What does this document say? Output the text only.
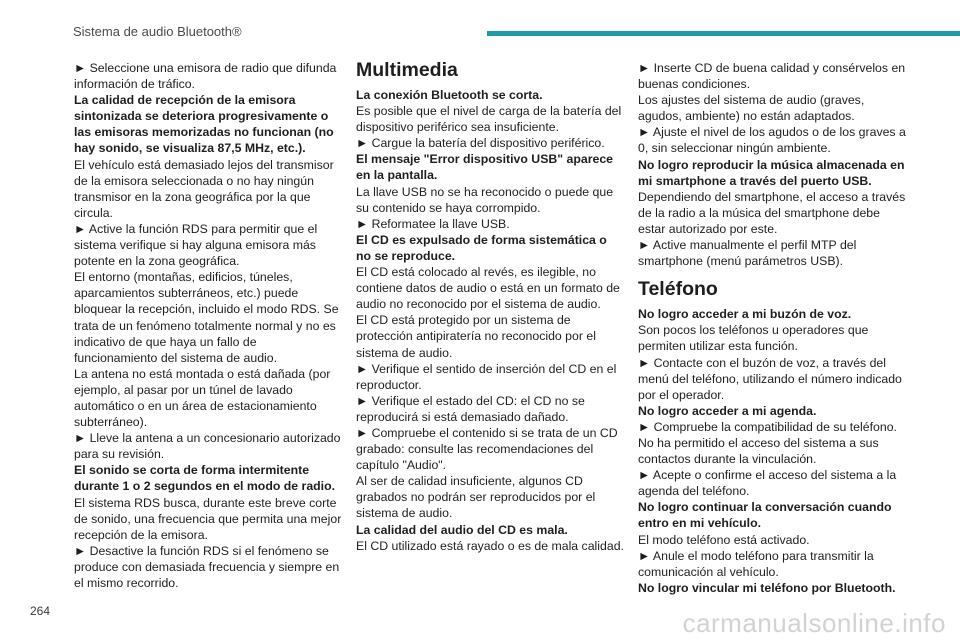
Sistema de audio Bluetooth®

► Seleccione una emisora de radio que difunda información de tráfico.

La calidad de recepción de la emisora sintonizada se deteriora progresivamente o las emisoras memorizadas no funcionan (no hay sonido, se visualiza 87,5 MHz, etc.).

El vehículo está demasiado lejos del transmisor de la emisora seleccionada o no hay ningún transmisor en la zona geográfica por la que circula.

► Active la función RDS para permitir que el sistema verifique si hay alguna emisora más potente en la zona geográfica.

El entorno (montañas, edificios, túneles, aparcamientos subterráneos, etc.) puede bloquear la recepción, incluido el modo RDS. Se trata de un fenómeno totalmente normal y no es indicativo de que haya un fallo de funcionamiento del sistema de audio.

La antena no está montada o está dañada (por ejemplo, al pasar por un túnel de lavado automático o en un área de estacionamiento subterráneo).

► Lleve la antena a un concesionario autorizado para su revisión.

El sonido se corta de forma intermitente durante 1 o 2 segundos en el modo de radio.

El sistema RDS busca, durante este breve corte de sonido, una frecuencia que permita una mejor recepción de la emisora.

► Desactive la función RDS si el fenómeno se produce con demasiada frecuencia y siempre en el mismo recorrido.

Multimedia

La conexión Bluetooth se corta.

Es posible que el nivel de carga de la batería del dispositivo periférico sea insuficiente.

► Cargue la batería del dispositivo periférico.

El mensaje "Error dispositivo USB" aparece en la pantalla.

La llave USB no se ha reconocido o puede que su contenido se haya corrompido.

► Reformatee la llave USB.

El CD es expulsado de forma sistemática o no se reproduce.

El CD está colocado al revés, es ilegible, no contiene datos de audio o está en un formato de audio no reconocido por el sistema de audio.

El CD está protegido por un sistema de protección antipiratería no reconocido por el sistema de audio.

► Verifique el sentido de inserción del CD en el reproductor.

► Verifique el estado del CD: el CD no se reproducirá si está demasiado dañado.

► Compruebe el contenido si se trata de un CD grabado: consulte las recomendaciones del capítulo "Audio".

Al ser de calidad insuficiente, algunos CD grabados no podrán ser reproducidos por el sistema de audio.

La calidad del audio del CD es mala.

El CD utilizado está rayado o es de mala calidad.

► Inserte CD de buena calidad y consérvelos en buenas condiciones.

Los ajustes del sistema de audio (graves, agudos, ambiente) no están adaptados.

► Ajuste el nivel de los agudos o de los graves a 0, sin seleccionar ningún ambiente.

No logro reproducir la música almacenada en mi smartphone a través del puerto USB.

Dependiendo del smartphone, el acceso a través de la radio a la música del smartphone debe estar autorizado por este.

► Active manualmente el perfil MTP del smartphone (menú parámetros USB).

Teléfono

No logro acceder a mi buzón de voz.

Son pocos los teléfonos u operadores que permiten utilizar esta función.

► Contacte con el buzón de voz, a través del menú del teléfono, utilizando el número indicado por el operador.

No logro acceder a mi agenda.

► Compruebe la compatibilidad de su teléfono.

No ha permitido el acceso del sistema a sus contactos durante la vinculación.

► Acepte o confirme el acceso del sistema a la agenda del teléfono.

No logro continuar la conversación cuando entro en mi vehículo.

El modo teléfono está activado.

► Anule el modo teléfono para transmitir la comunicación al vehículo.

No logro vincular mi teléfono por Bluetooth.

264	carmanualsonline.info
